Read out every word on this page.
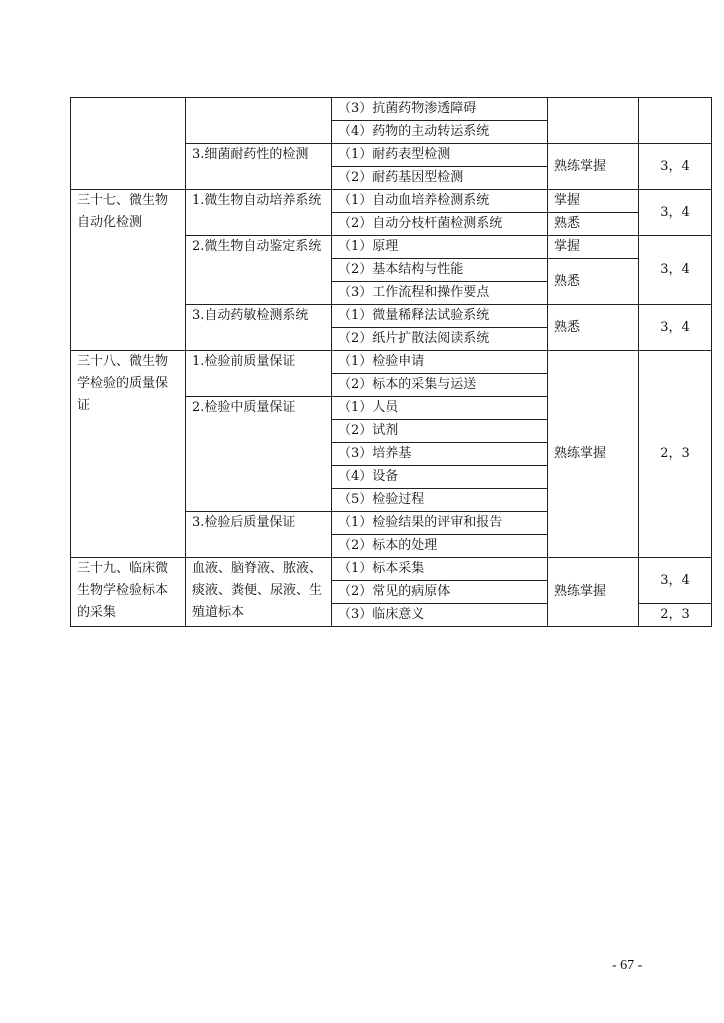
		（3）抗菌药物渗透障碍		
		（4）药物的主动转运系统		
	3.细菌耐药性的检测	（1）耐药表型检测	熟练掌握	3，4
		（2）耐药基因型检测		
三十七、微生物自动化检测	1.微生物自动培养系统	（1）自动血培养检测系统	掌握	3，4
		（2）自动分枝杆菌检测系统	熟悉	
	2.微生物自动鉴定系统	（1）原理	掌握	3，4
		（2）基本结构与性能	熟悉	
		（3）工作流程和操作要点		
	3.自动药敏检测系统	（1）微量稀释法试验系统	熟悉	3，4
		（2）纸片扩散法阅读系统		
三十八、微生物学检验的质量保证	1.检验前质量保证	（1）检验申请	熟练掌握	2，3
		（2）标本的采集与运送		
	2.检验中质量保证	（1）人员		
		（2）试剂		
		（3）培养基		
		（4）设备		
		（5）检验过程		
	3.检验后质量保证	（1）检验结果的评审和报告		
		（2）标本的处理		
三十九、临床微生物学检验标本的采集	血液、脑脊液、脓液、痰液、粪便、尿液、生殖道标本	（1）标本采集	熟练掌握	3，4
		（2）常见的病原体		
		（3）临床意义		2，3
- 67 -
